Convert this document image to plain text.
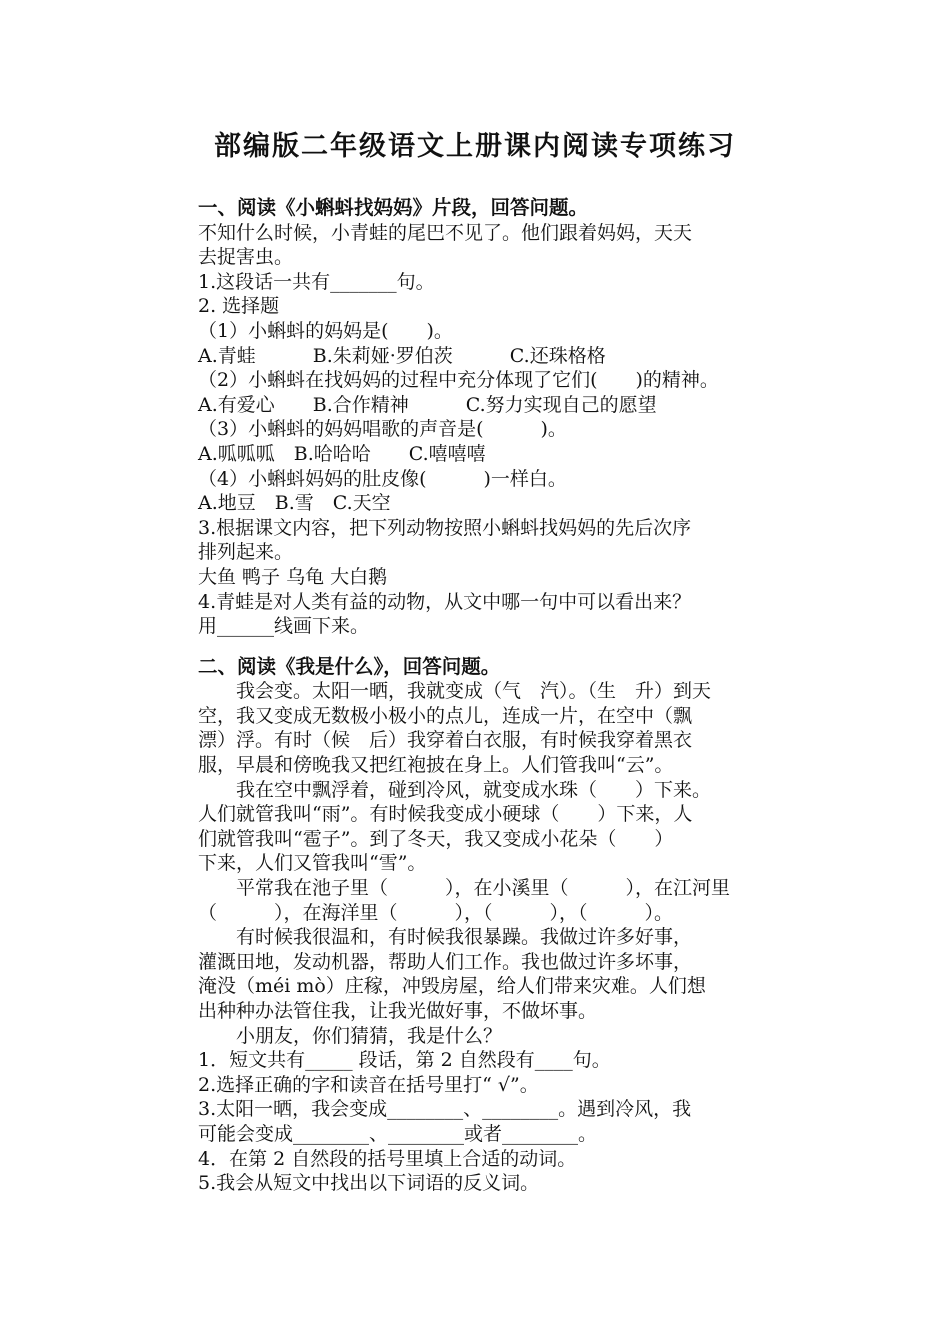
部编版二年级语文上册课内阅读专项练习
一、阅读《小蝌蚪找妈妈》片段，回答问题。
不知什么时候，小青蛙的尾巴不见了。他们跟着妈妈，天天
去捉害虫。
1.这段话一共有_______句。
2. 选择题
（1）小蝌蚪的妈妈是(　　)。
A.青蛙　　　B.朱莉娅·罗伯茨　　　C.还珠格格
（2）小蝌蚪在找妈妈的过程中充分体现了它们(　　)的精神。
A.有爱心　　B.合作精神　　　C.努力实现自己的愿望
（3）小蝌蚪的妈妈唱歌的声音是(　　　)。
A.呱呱呱　B.哈哈哈　　C.嘻嘻嘻
（4）小蝌蚪妈妈的肚皮像(　　　)一样白。
A.地豆　B.雪　C.天空
3.根据课文内容，把下列动物按照小蝌蚪找妈妈的先后次序
排列起来。
大鱼 鸭子 乌龟 大白鹅
4.青蛙是对人类有益的动物，从文中哪一句中可以看出来？
用______线画下来。
二、阅读《我是什么》，回答问题。
　　我会变。太阳一晒，我就变成（气　汽）。（生　升）到天
空，我又变成无数极小极小的点儿，连成一片，在空中（飘
漂）浮。有时（候　后）我穿着白衣服，有时候我穿着黑衣
服，早晨和傍晚我又把红袍披在身上。人们管我叫“云”。
　　我在空中飘浮着，碰到冷风，就变成水珠（　　）下来。
人们就管我叫“雨”。有时候我变成小硬球（　　）下来，人
们就管我叫“雹子”。到了冬天，我又变成小花朵（　　）
下来，人们又管我叫“雪”。
　　平常我在池子里（　　　），在小溪里（　　　），在江河里
（　　　），在海洋里（　　　），（　　　），（　　　）。
　　有时候我很温和，有时候我很暴躁。我做过许多好事，
灌溉田地，发动机器，帮助人们工作。我也做过许多坏事，
淹没（méi mò）庄稼，冲毁房屋，给人们带来灾难。人们想
出种种办法管住我，让我光做好事，不做坏事。
　　小朋友，你们猜猜，我是什么？
1．短文共有_____ 段话，第 2 自然段有____句。
2.选择正确的字和读音在括号里打“ √”。
3.太阳一晒，我会变成________、________。遇到冷风，我
可能会变成________、________或者________。
4．在第 2 自然段的括号里填上合适的动词。
5.我会从短文中找出以下词语的反义词。
